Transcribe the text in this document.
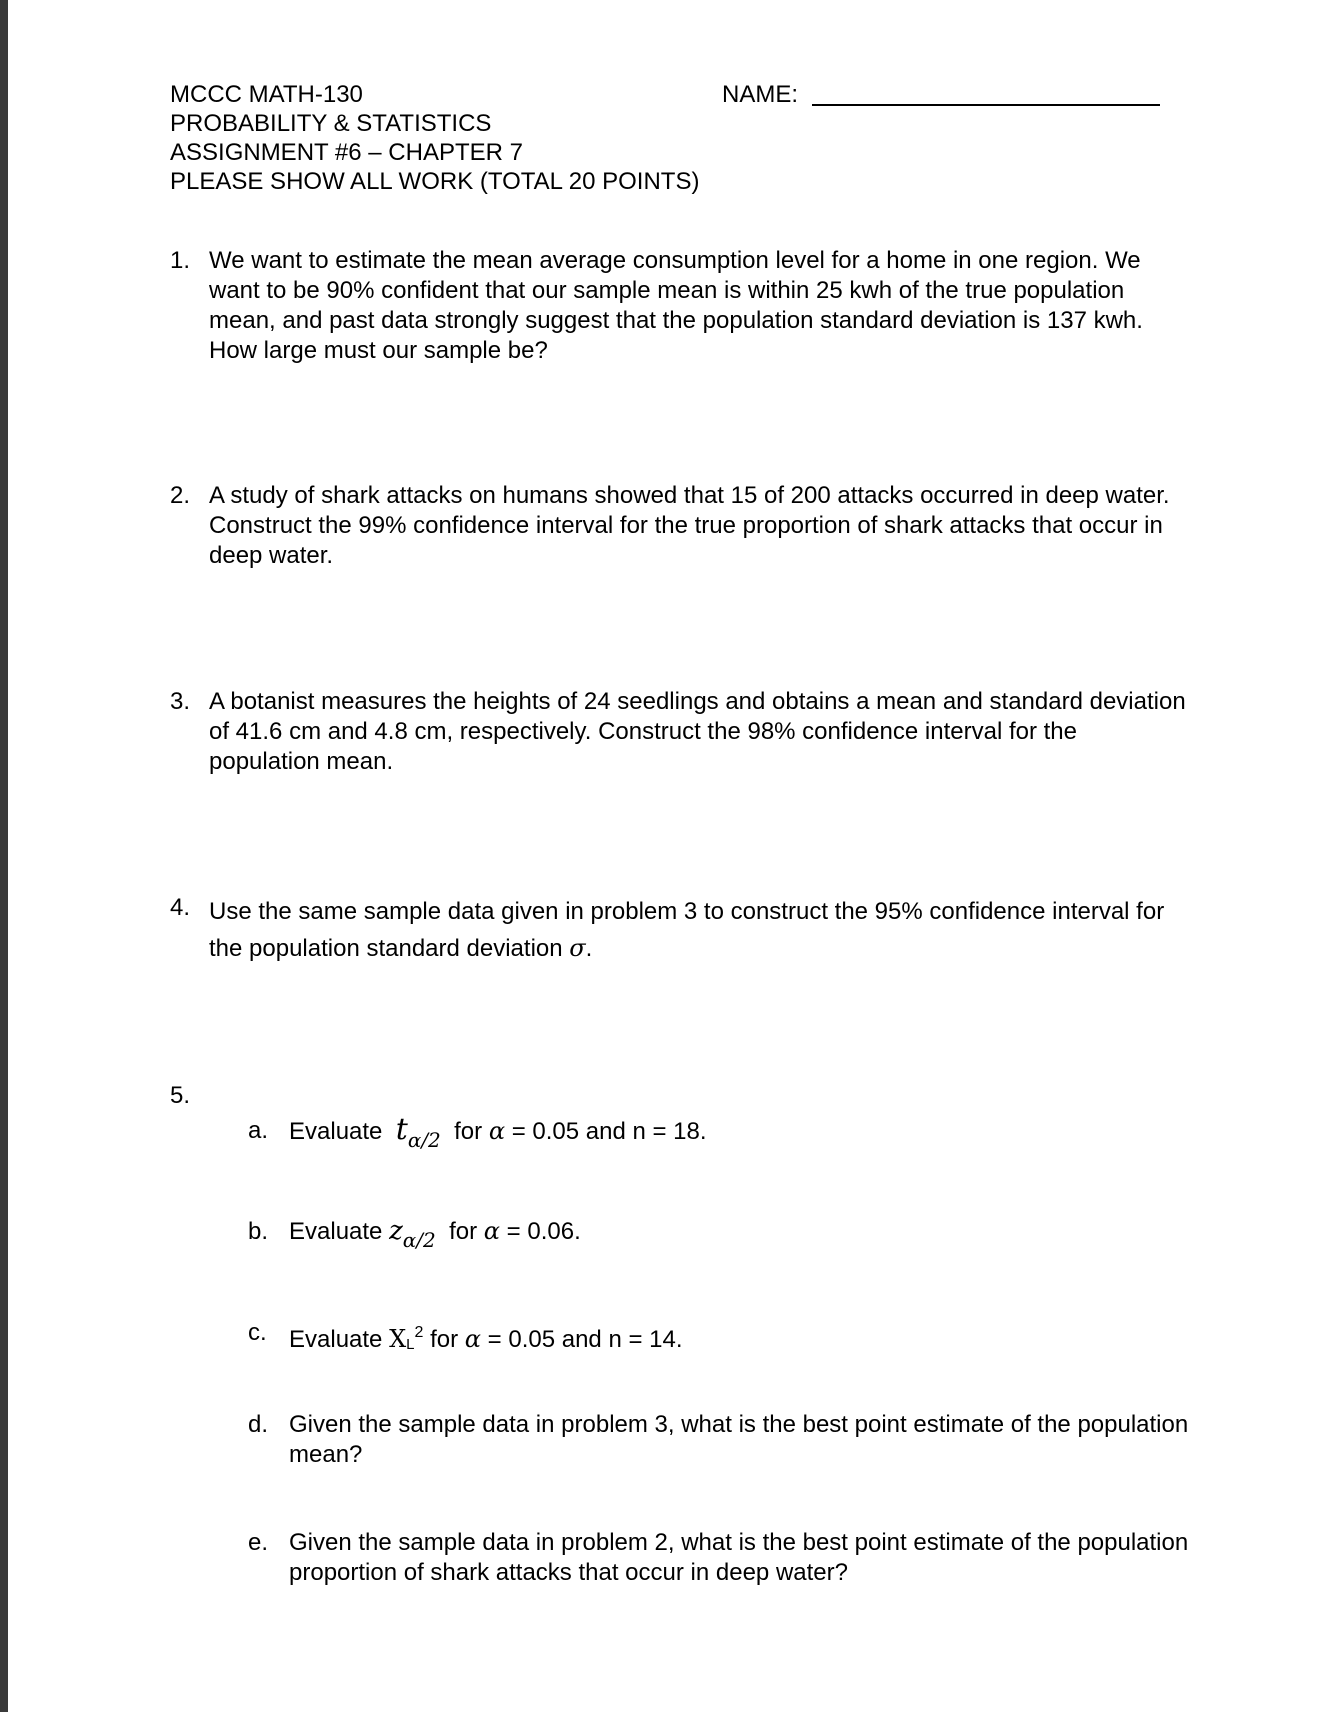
MCCC MATH-130
PROBABILITY & STATISTICS
ASSIGNMENT #6 – CHAPTER 7
PLEASE SHOW ALL WORK (TOTAL 20 POINTS)
NAME:
1. We want to estimate the mean average consumption level for a home in one region. We
want to be 90% confident that our sample mean is within 25 kwh of the true population
mean, and past data strongly suggest that the population standard deviation is 137 kwh.
How large must our sample be?
2. A study of shark attacks on humans showed that 15 of 200 attacks occurred in deep water.
Construct the 99% confidence interval for the true proportion of shark attacks that occur in
deep water.
3. A botanist measures the heights of 24 seedlings and obtains a mean and standard deviation
of 41.6 cm and 4.8 cm, respectively. Construct the 98% confidence interval for the
population mean.
4. Use the same sample data given in problem 3 to construct the 95% confidence interval for
the population standard deviation σ.
5.
a. Evaluate $t_{\alpha/2}$ for α = 0.05 and n = 18.
b. Evaluate $z_{\alpha/2}$ for α = 0.06.
c. Evaluate $XL^2$ for α = 0.05 and n = 14.
d. Given the sample data in problem 3, what is the best point estimate of the population
mean?
e. Given the sample data in problem 2, what is the best point estimate of the population
proportion of shark attacks that occur in deep water?
